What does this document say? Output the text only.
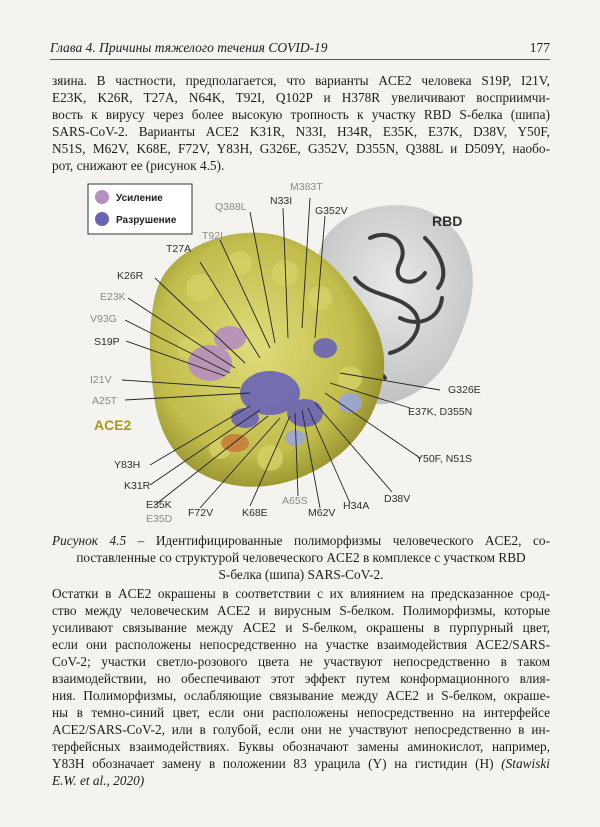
Глава 4. Причины тяжелого течения COVID-19	177
зяина. В частности, предполагается, что варианты ACE2 человека S19P, I21V,
E23K, K26R, T27A, N64K, T92I, Q102P и H378R увеличивают восприимчи-
вость к вирусу через более высокую тропность к участку RBD S-белка (шипа)
SARS-CoV-2. Варианты ACE2 K31R, N33I, H34R, E35K, E37K, D38V, Y50F,
N51S, M62V, K68E, F72V, Y83H, G326E, G352V, D355N, Q388L и D509Y, наобо-
рот, снижают ее (рисунок 4.5).
Усиление
Разрушение	RBD
ACE2
M383T
N33I
Q388L	G352V
T92I
T27A
K26R
E23K
V93G
S19P
I21V
A25T
Y83H
K31R
E35K
E35D F72V	K68E
A65S
M62V
H34A
D38V
Y50F, N51S
E37K, D355N
G326E
Рисунок 4.5 – Идентифицированные полиморфизмы человеческого ACE2, со-
поставленные со структурой человеческого ACE2 в комплексе с участком RBD
S-белка (шипа) SARS-CoV-2.
Остатки в ACE2 окрашены в соответствии с их влиянием на предсказанное срод-
ство между человеческим ACE2 и вирусным S-белком. Полиморфизмы, которые
усиливают связывание между ACE2 и S-белком, окрашены в пурпурный цвет,
если они расположены непосредственно на участке взаимодействия ACE2/SARS-
CoV-2; участки светло-розового цвета не участвуют непосредственно в таком
взаимодействии, но обеспечивают этот эффект путем конформационного влия-
ния. Полиморфизмы, ослабляющие связывание между ACE2 и S-белком, окраше-
ны в темно-синий цвет, если они расположены непосредственно на интерфейсе
ACE2/SARS-CoV-2, или в голубой, если они не участвуют непосредственно в ин-
терфейсных взаимодействиях. Буквы обозначают замены аминокислот, например,
Y83H обозначает замену в положении 83 урацила (Y) на гистидин (H) (Stawiski
E.W. et al., 2020)
